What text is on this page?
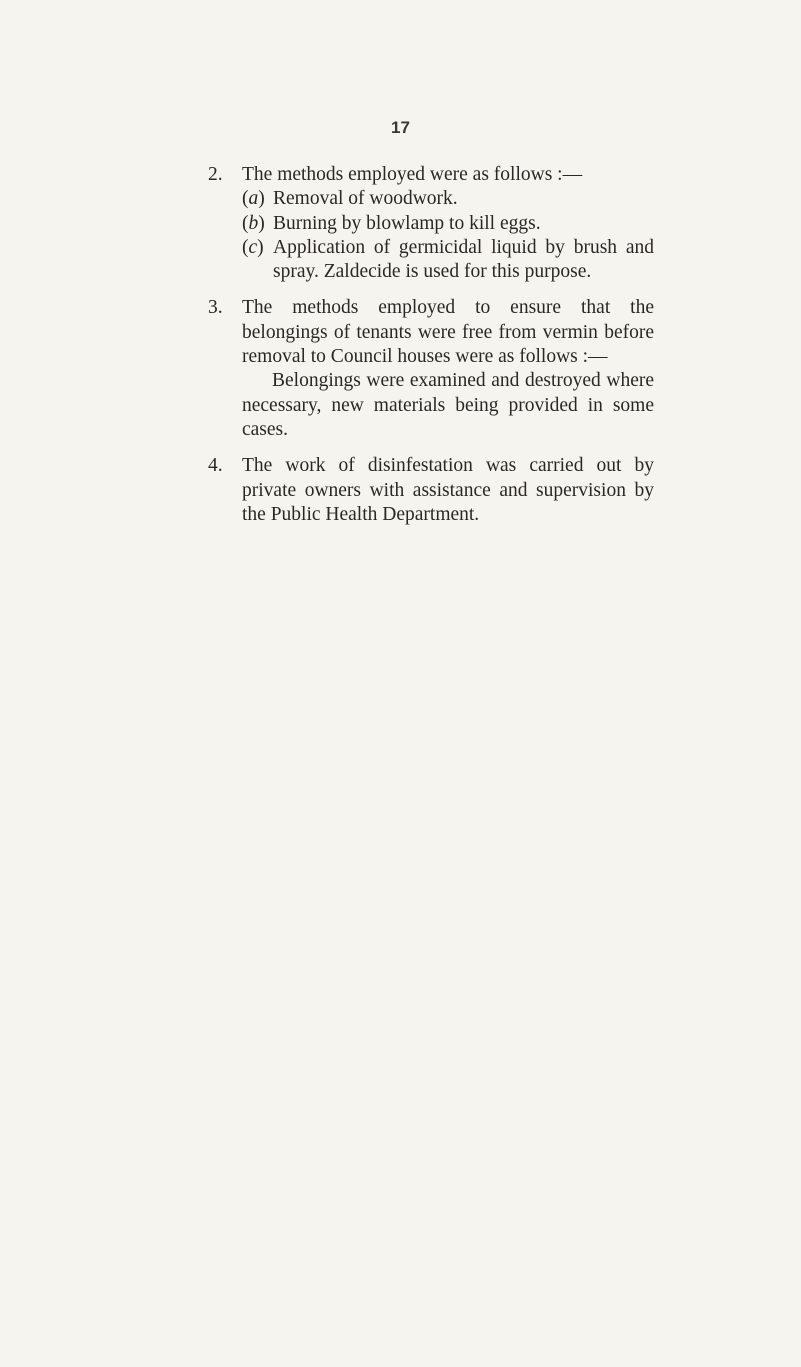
17
2. The methods employed were as follows :—
(a) Removal of woodwork.
(b) Burning by blowlamp to kill eggs.
(c) Application of germicidal liquid by brush and spray. Zaldecide is used for this purpose.
3. The methods employed to ensure that the belongings of tenants were free from vermin before removal to Council houses were as follows :—
Belongings were examined and destroyed where necessary, new materials being provided in some cases.
4. The work of disinfestation was carried out by private owners with assistance and supervision by the Public Health Department.
